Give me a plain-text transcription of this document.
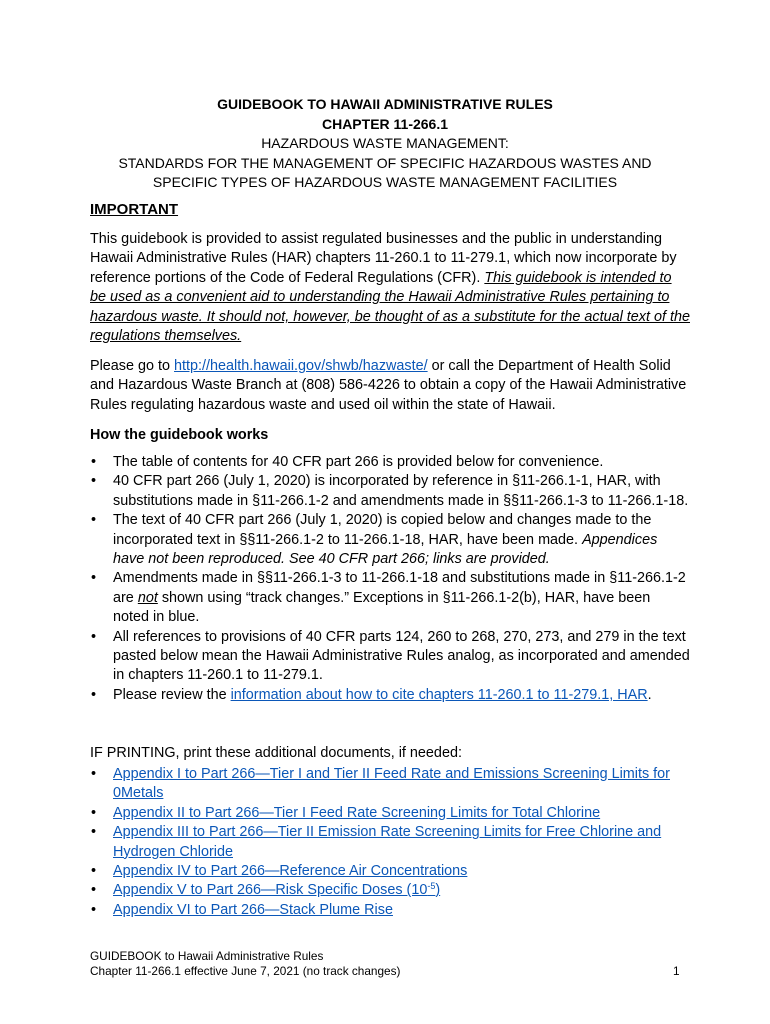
GUIDEBOOK TO HAWAII ADMINISTRATIVE RULES
CHAPTER 11-266.1
HAZARDOUS WASTE MANAGEMENT:
STANDARDS FOR THE MANAGEMENT OF SPECIFIC HAZARDOUS WASTES AND
SPECIFIC TYPES OF HAZARDOUS WASTE MANAGEMENT FACILITIES
IMPORTANT
This guidebook is provided to assist regulated businesses and the public in understanding Hawaii Administrative Rules (HAR) chapters 11-260.1 to 11-279.1, which now incorporate by reference portions of the Code of Federal Regulations (CFR). This guidebook is intended to be used as a convenient aid to understanding the Hawaii Administrative Rules pertaining to hazardous waste. It should not, however, be thought of as a substitute for the actual text of the regulations themselves.
Please go to http://health.hawaii.gov/shwb/hazwaste/ or call the Department of Health Solid and Hazardous Waste Branch at (808) 586-4226 to obtain a copy of the Hawaii Administrative Rules regulating hazardous waste and used oil within the state of Hawaii.
How the guidebook works
• The table of contents for 40 CFR part 266 is provided below for convenience.
• 40 CFR part 266 (July 1, 2020) is incorporated by reference in §11-266.1-1, HAR, with substitutions made in §11-266.1-2 and amendments made in §§11-266.1-3 to 11-266.1-18.
• The text of 40 CFR part 266 (July 1, 2020) is copied below and changes made to the incorporated text in §§11-266.1-2 to 11-266.1-18, HAR, have been made. Appendices have not been reproduced. See 40 CFR part 266; links are provided.
• Amendments made in §§11-266.1-3 to 11-266.1-18 and substitutions made in §11-266.1-2 are not shown using “track changes.” Exceptions in §11-266.1-2(b), HAR, have been noted in blue.
• All references to provisions of 40 CFR parts 124, 260 to 268, 270, 273, and 279 in the text pasted below mean the Hawaii Administrative Rules analog, as incorporated and amended in chapters 11-260.1 to 11-279.1.
• Please review the information about how to cite chapters 11-260.1 to 11-279.1, HAR.
IF PRINTING, print these additional documents, if needed:
• Appendix I to Part 266—Tier I and Tier II Feed Rate and Emissions Screening Limits for 0Metals
• Appendix II to Part 266—Tier I Feed Rate Screening Limits for Total Chlorine
• Appendix III to Part 266—Tier II Emission Rate Screening Limits for Free Chlorine and Hydrogen Chloride
• Appendix IV to Part 266—Reference Air Concentrations
• Appendix V to Part 266—Risk Specific Doses $(10^{-5})$
• Appendix VI to Part 266—Stack Plume Rise
GUIDEBOOK to Hawaii Administrative Rules
Chapter 11-266.1 effective June 7, 2021 (no track changes)	1
